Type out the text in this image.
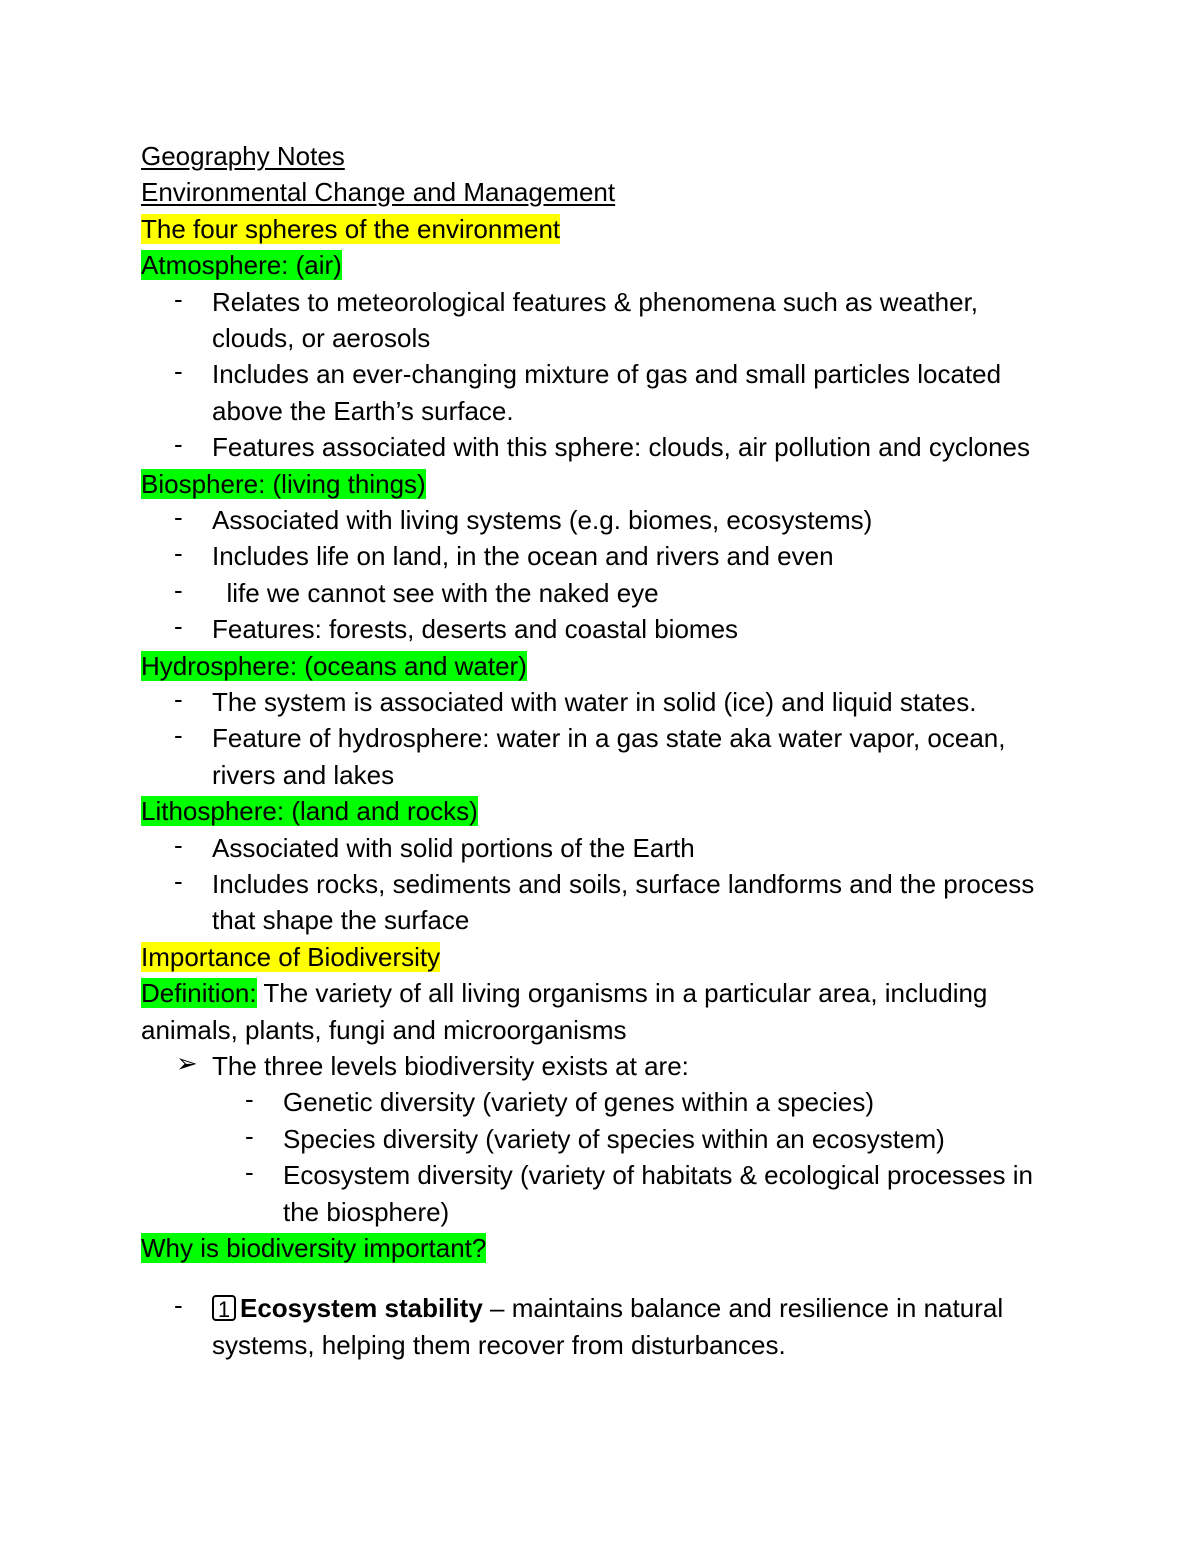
Geography Notes
Environmental Change and Management
The four spheres of the environment
Atmosphere: (air)
-	Relates to meteorological features & phenomena such as weather, clouds, or aerosols
-	Includes an ever-changing mixture of gas and small particles located above the Earth’s surface.
-	Features associated with this sphere: clouds, air pollution and cyclones
Biosphere: (living things)
-	Associated with living systems (e.g. biomes, ecosystems)
-	Includes life on land, in the ocean and rivers and even
-	life we cannot see with the naked eye
-	Features: forests, deserts and coastal biomes
Hydrosphere: (oceans and water)
-	The system is associated with water in solid (ice) and liquid states.
-	Feature of hydrosphere: water in a gas state aka water vapor, ocean, rivers and lakes
Lithosphere: (land and rocks)
-	Associated with solid portions of the Earth
-	Includes rocks, sediments and soils, surface landforms and the process that shape the surface
Importance of Biodiversity
Definition: The variety of all living organisms in a particular area, including animals, plants, fungi and microorganisms
➢ The three levels biodiversity exists at are:
-	Genetic diversity (variety of genes within a species)
-	Species diversity (variety of species within an ecosystem)
-	Ecosystem diversity (variety of habitats & ecological processes in the biosphere)
Why is biodiversity important?
-	1 Ecosystem stability – maintains balance and resilience in natural systems, helping them recover from disturbances.
